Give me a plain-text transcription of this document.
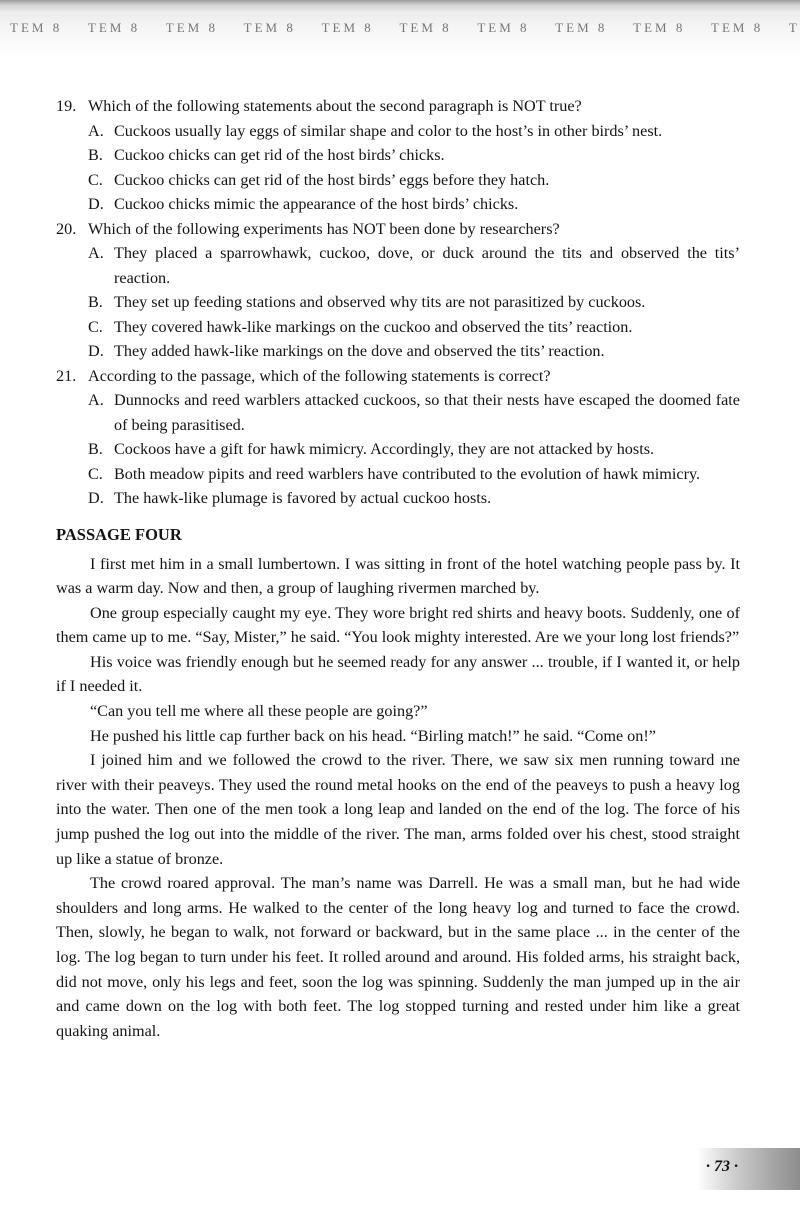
TEM 8 TEM 8 TEM 8 TEM 8 TEM 8 TEM 8 TEM 8 TEM 8 TEM 8 TEM 8 T
19. Which of the following statements about the second paragraph is NOT true?
A. Cuckoos usually lay eggs of similar shape and color to the host’s in other birds’ nest.
B. Cuckoo chicks can get rid of the host birds’ chicks.
C. Cuckoo chicks can get rid of the host birds’ eggs before they hatch.
D. Cuckoo chicks mimic the appearance of the host birds’ chicks.
20. Which of the following experiments has NOT been done by researchers?
A. They placed a sparrowhawk, cuckoo, dove, or duck around the tits and observed the tits’ reaction.
B. They set up feeding stations and observed why tits are not parasitized by cuckoos.
C. They covered hawk-like markings on the cuckoo and observed the tits’ reaction.
D. They added hawk-like markings on the dove and observed the tits’ reaction.
21. According to the passage, which of the following statements is correct?
A. Dunnocks and reed warblers attacked cuckoos, so that their nests have escaped the doomed fate of being parasitised.
B. Cockoos have a gift for hawk mimicry. Accordingly, they are not attacked by hosts.
C. Both meadow pipits and reed warblers have contributed to the evolution of hawk mimicry.
D. The hawk-like plumage is favored by actual cuckoo hosts.
PASSAGE FOUR

I first met him in a small lumbertown. I was sitting in front of the hotel watching people pass by. It was a warm day. Now and then, a group of laughing rivermen marched by.

One group especially caught my eye. They wore bright red shirts and heavy boots. Suddenly, one of them came up to me. “Say, Mister,” he said. “You look mighty interested. Are we your long lost friends?”

His voice was friendly enough but he seemed ready for any answer ... trouble, if I wanted it, or help if I needed it.

“Can you tell me where all these people are going?”

He pushed his little cap further back on his head. “Birling match!” he said. “Come on!”

I joined him and we followed the crowd to the river. There, we saw six men running toward ıne river with their peaveys. They used the round metal hooks on the end of the peaveys to push a heavy log into the water. Then one of the men took a long leap and landed on the end of the log. The force of his jump pushed the log out into the middle of the river. The man, arms folded over his chest, stood straight up like a statue of bronze.

The crowd roared approval. The man’s name was Darrell. He was a small man, but he had wide shoulders and long arms. He walked to the center of the long heavy log and turned to face the crowd. Then, slowly, he began to walk, not forward or backward, but in the same place ... in the center of the log. The log began to turn under his feet. It rolled around and around. His folded arms, his straight back, did not move, only his legs and feet, soon the log was spinning. Suddenly the man jumped up in the air and came down on the log with both feet. The log stopped turning and rested under him like a great quaking animal.

· 73 ·
